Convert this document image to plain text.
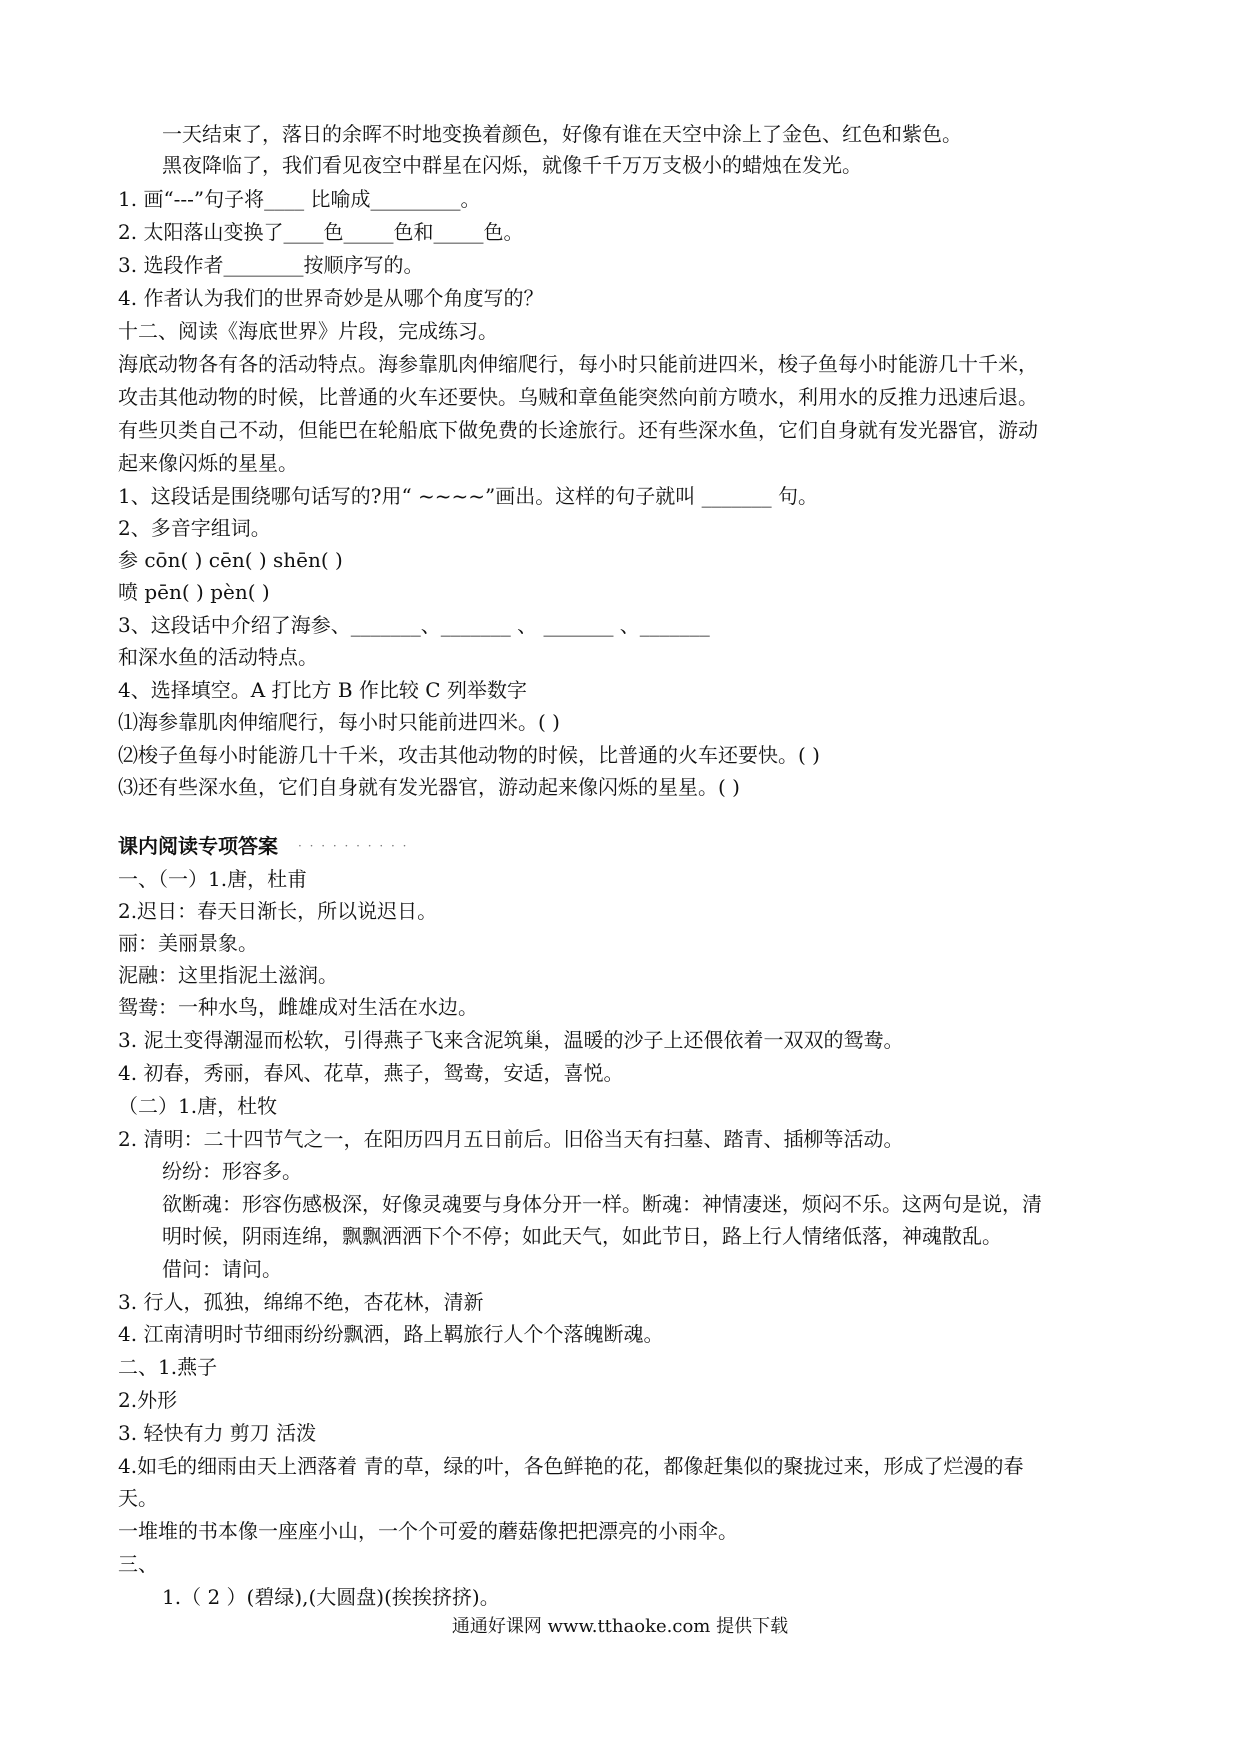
一天结束了，落日的余晖不时地变换着颜色，好像有谁在天空中涂上了金色、红色和紫色。
黑夜降临了，我们看见夜空中群星在闪烁，就像千千万万支极小的蜡烛在发光。
1. 画“---”句子将____ 比喻成_________。
2. 太阳落山变换了____色_____色和_____色。
3. 选段作者________按顺序写的。
4. 作者认为我们的世界奇妙是从哪个角度写的？
十二、阅读《海底世界》片段，完成练习。
海底动物各有各的活动特点。海参靠肌肉伸缩爬行，每小时只能前进四米，梭子鱼每小时能游几十千米，
攻击其他动物的时候，比普通的火车还要快。乌贼和章鱼能突然向前方喷水，利用水的反推力迅速后退。
有些贝类自己不动，但能巴在轮船底下做免费的长途旅行。还有些深水鱼，它们自身就有发光器官，游动
起来像闪烁的星星。
1、这段话是围绕哪句话写的?用“ ~~~~”画出。这样的句子就叫 _______ 句。
2、多音字组词。
参 cōn( ) cēn( ) shēn( )
喷 pēn( ) pèn( )
3、这段话中介绍了海参、_______、_______ 、 _______ 、_______
和深水鱼的活动特点。
4、选择填空。A 打比方 B 作比较 C 列举数字
⑴海参靠肌肉伸缩爬行，每小时只能前进四米。( )
⑵梭子鱼每小时能游几十千米，攻击其他动物的时候，比普通的火车还要快。( )
⑶还有些深水鱼，它们自身就有发光器官，游动起来像闪烁的星星。( )
课内阅读专项答案 · · · · · · · · · ·
一、（一）1.唐，杜甫
2.迟日：春天日渐长，所以说迟日。
丽：美丽景象。
泥融：这里指泥土滋润。
鸳鸯：一种水鸟，雌雄成对生活在水边。
3. 泥土变得潮湿而松软，引得燕子飞来含泥筑巢，温暖的沙子上还偎依着一双双的鸳鸯。
4. 初春，秀丽，春风、花草，燕子，鸳鸯，安适，喜悦。
（二）1.唐，杜牧
2. 清明：二十四节气之一，在阳历四月五日前后。旧俗当天有扫墓、踏青、插柳等活动。
纷纷：形容多。
欲断魂：形容伤感极深，好像灵魂要与身体分开一样。断魂：神情凄迷，烦闷不乐。这两句是说，清
明时候，阴雨连绵，飘飘洒洒下个不停；如此天气，如此节日，路上行人情绪低落，神魂散乱。
借问：请问。
3. 行人，孤独，绵绵不绝，杏花林，清新
4. 江南清明时节细雨纷纷飘洒，路上羁旅行人个个落魄断魂。
二、1.燕子
2.外形
3. 轻快有力 剪刀 活泼
4.如毛的细雨由天上洒落着 青的草，绿的叶，各色鲜艳的花，都像赶集似的聚拢过来，形成了烂漫的春
天。
一堆堆的书本像一座座小山，一个个可爱的蘑菇像把把漂亮的小雨伞。
三、
1.（ 2 ）(碧绿),(大圆盘)(挨挨挤挤)。
通通好课网 www.tthaoke.com 提供下载
